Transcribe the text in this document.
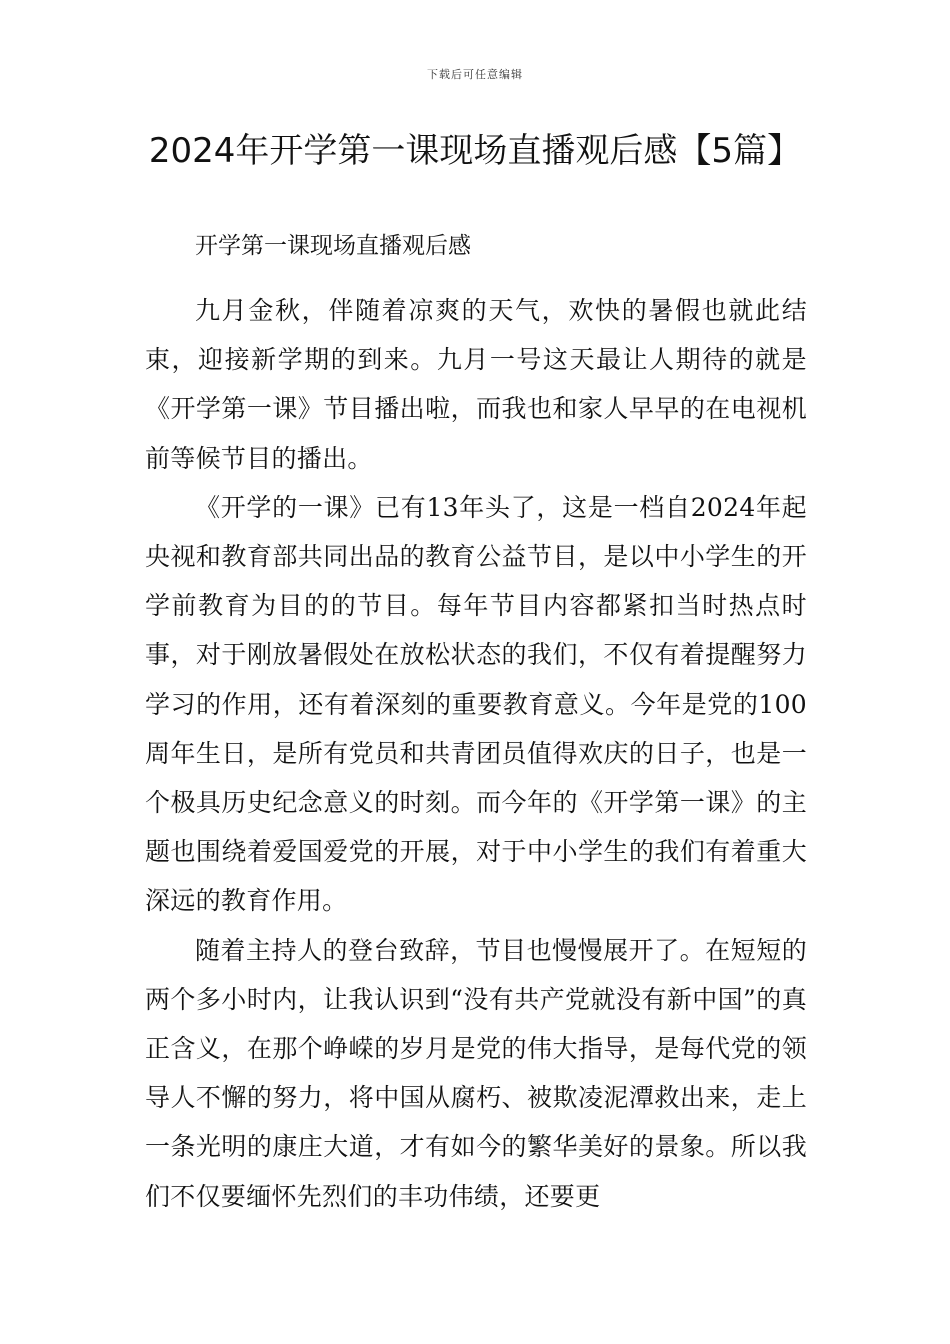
下载后可任意编辑
2024年开学第一课现场直播观后感【5篇】
开学第一课现场直播观后感

九月金秋，伴随着凉爽的天气，欢快的暑假也就此结束，迎接新学期的到来。九月一号这天最让人期待的就是《开学第一课》节目播出啦，而我也和家人早早的在电视机前等候节目的播出。

《开学的一课》已有13年头了，这是一档自2024年起央视和教育部共同出品的教育公益节目，是以中小学生的开学前教育为目的的节目。每年节目内容都紧扣当时热点时事，对于刚放暑假处在放松状态的我们，不仅有着提醒努力学习的作用，还有着深刻的重要教育意义。今年是党的100周年生日，是所有党员和共青团员值得欢庆的日子，也是一个极具历史纪念意义的时刻。而今年的《开学第一课》的主题也围绕着爱国爱党的开展，对于中小学生的我们有着重大深远的教育作用。

随着主持人的登台致辞，节目也慢慢展开了。在短短的两个多小时内，让我认识到“没有共产党就没有新中国”的真正含义，在那个峥嵘的岁月是党的伟大指导，是每代党的领导人不懈的努力，将中国从腐朽、被欺凌泥潭救出来，走上一条光明的康庄大道，才有如今的繁华美好的景象。所以我们不仅要缅怀先烈们的丰功伟绩，还要更
